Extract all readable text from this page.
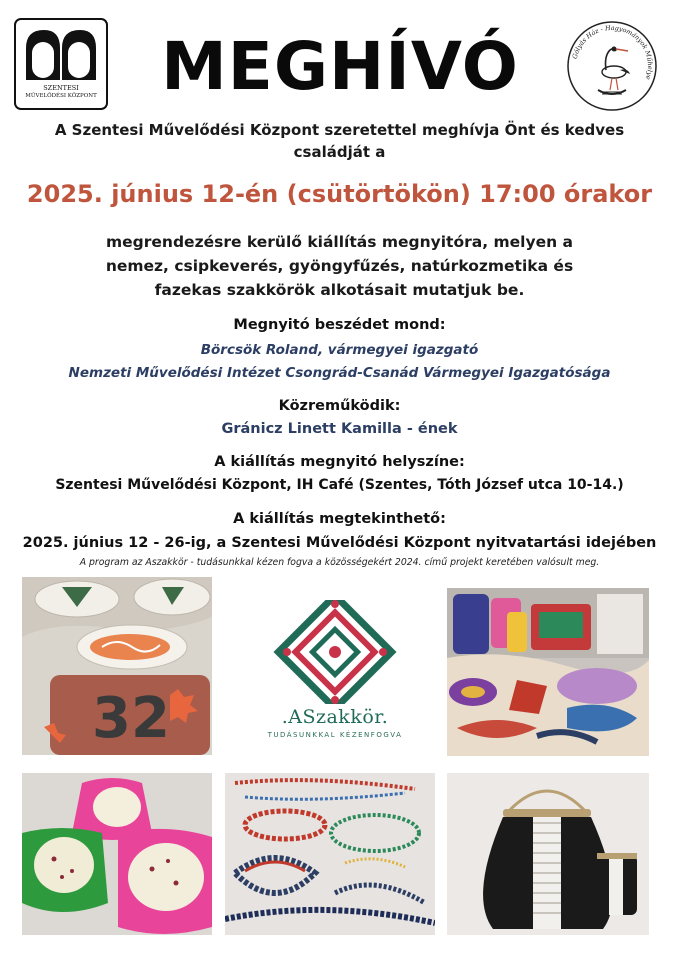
SZENTESI
MŰVELŐDÉSI KÖZPONT MEGHÍVÓ	Gólyás Ház - Hagyományok Műhelye
A Szentesi Művelődési Központ szeretettel meghívja Önt és kedves
családját a
2025. június 12-én (csütörtökön) 17:00 órakor
megrendezésre kerülő kiállítás megnyitóra, melyen a
nemez, csipkeverés, gyöngyfűzés, natúrkozmetika és
fazekas szakkörök alkotásait mutatjuk be.
Megnyitó beszédet mond:
Börcsök Roland, vármegyei igazgató
Nemzeti Művelődési Intézet Csongrád-Csanád Vármegyei Igazgatósága
Közreműködik:
Gránicz Linett Kamilla - ének
A kiállítás megnyitó helyszíne:
Szentesi Művelődési Központ, IH Café (Szentes, Tóth József utca 10-14.)
A kiállítás megtekinthető:
2025. június 12 - 26-ig, a Szentesi Művelődési Központ nyitvatartási idejében
A program az Aszakkör - tudásunkkal kézen fogva a közösségekért 2024. című projekt keretében valósult meg.
32	.ASzakkör.
TUDÁSUNKKAL KÉZENFOGVA
